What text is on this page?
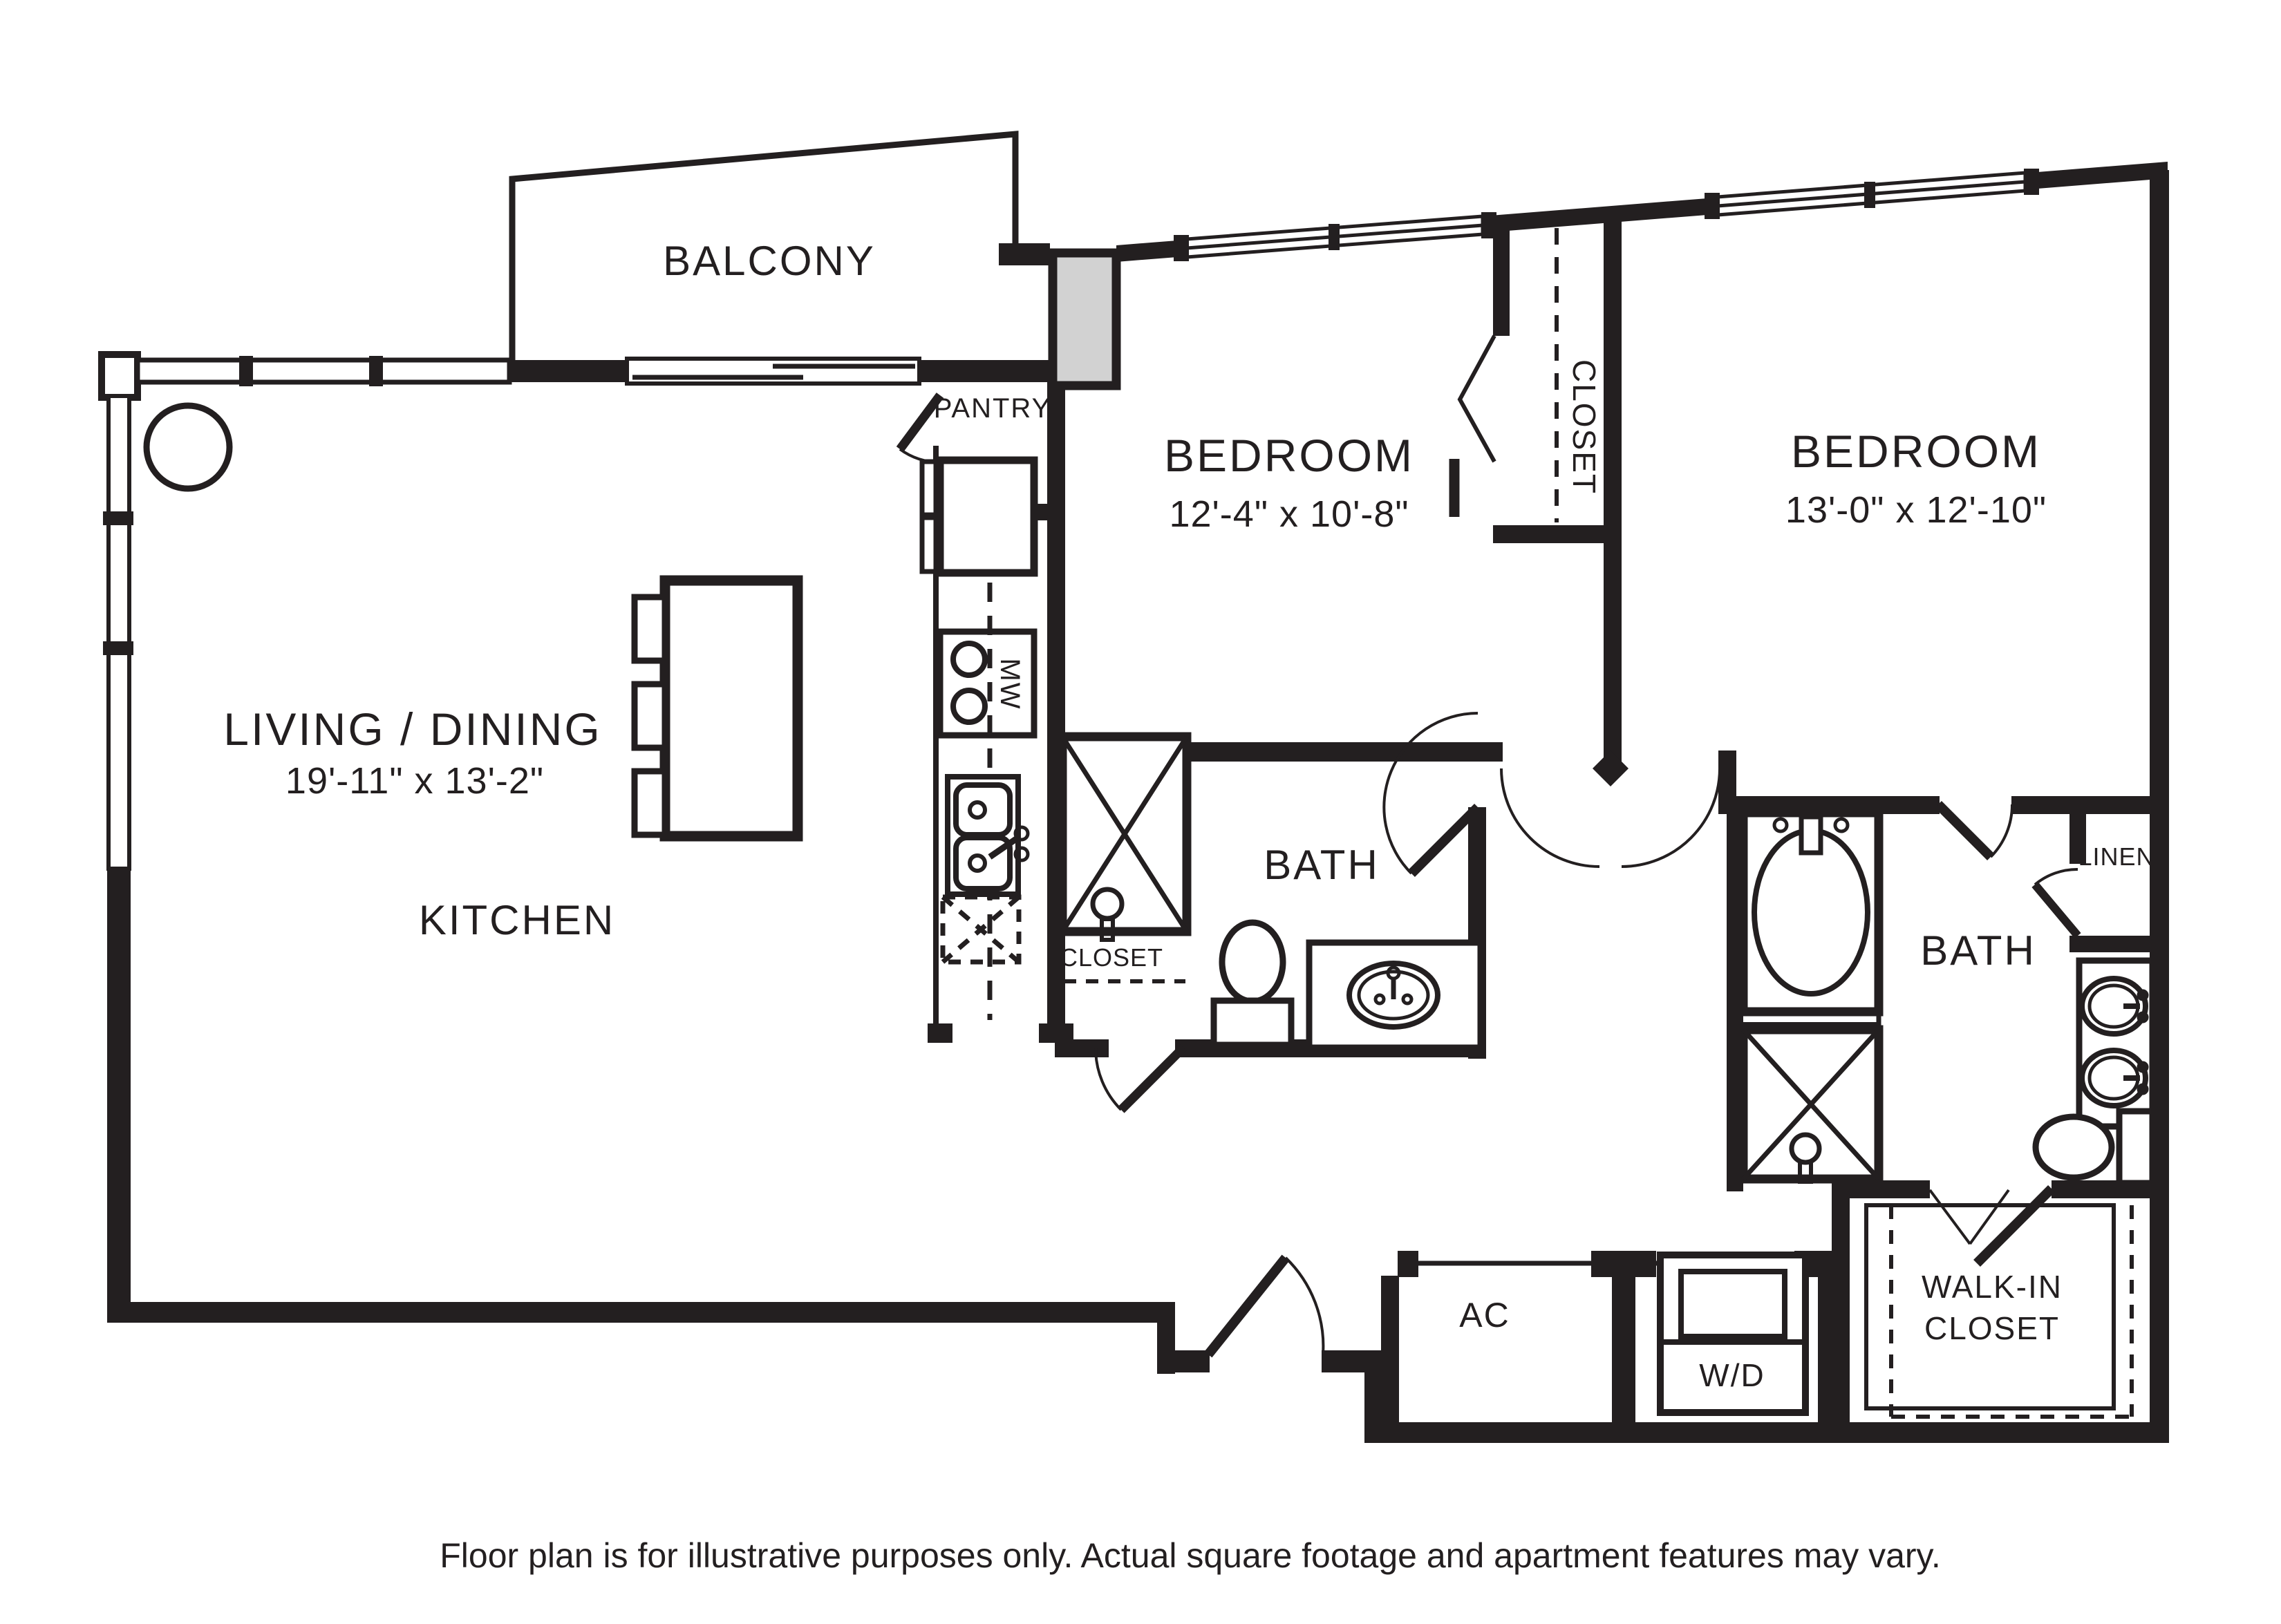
BALCONY
LIVING / DINING
19'-11" x 13'-2"
KITCHEN
PANTRY
MW
CLOSET
BEDROOM
12'-4" x 10'-8"
BEDROOM
13'-0" x 12'-10"
CLOSET
BATH	LINEN
BATH
WALK-IN
CLOSET
AC
W/D
Floor plan is for illustrative purposes only. Actual square footage and apartment features may vary.
